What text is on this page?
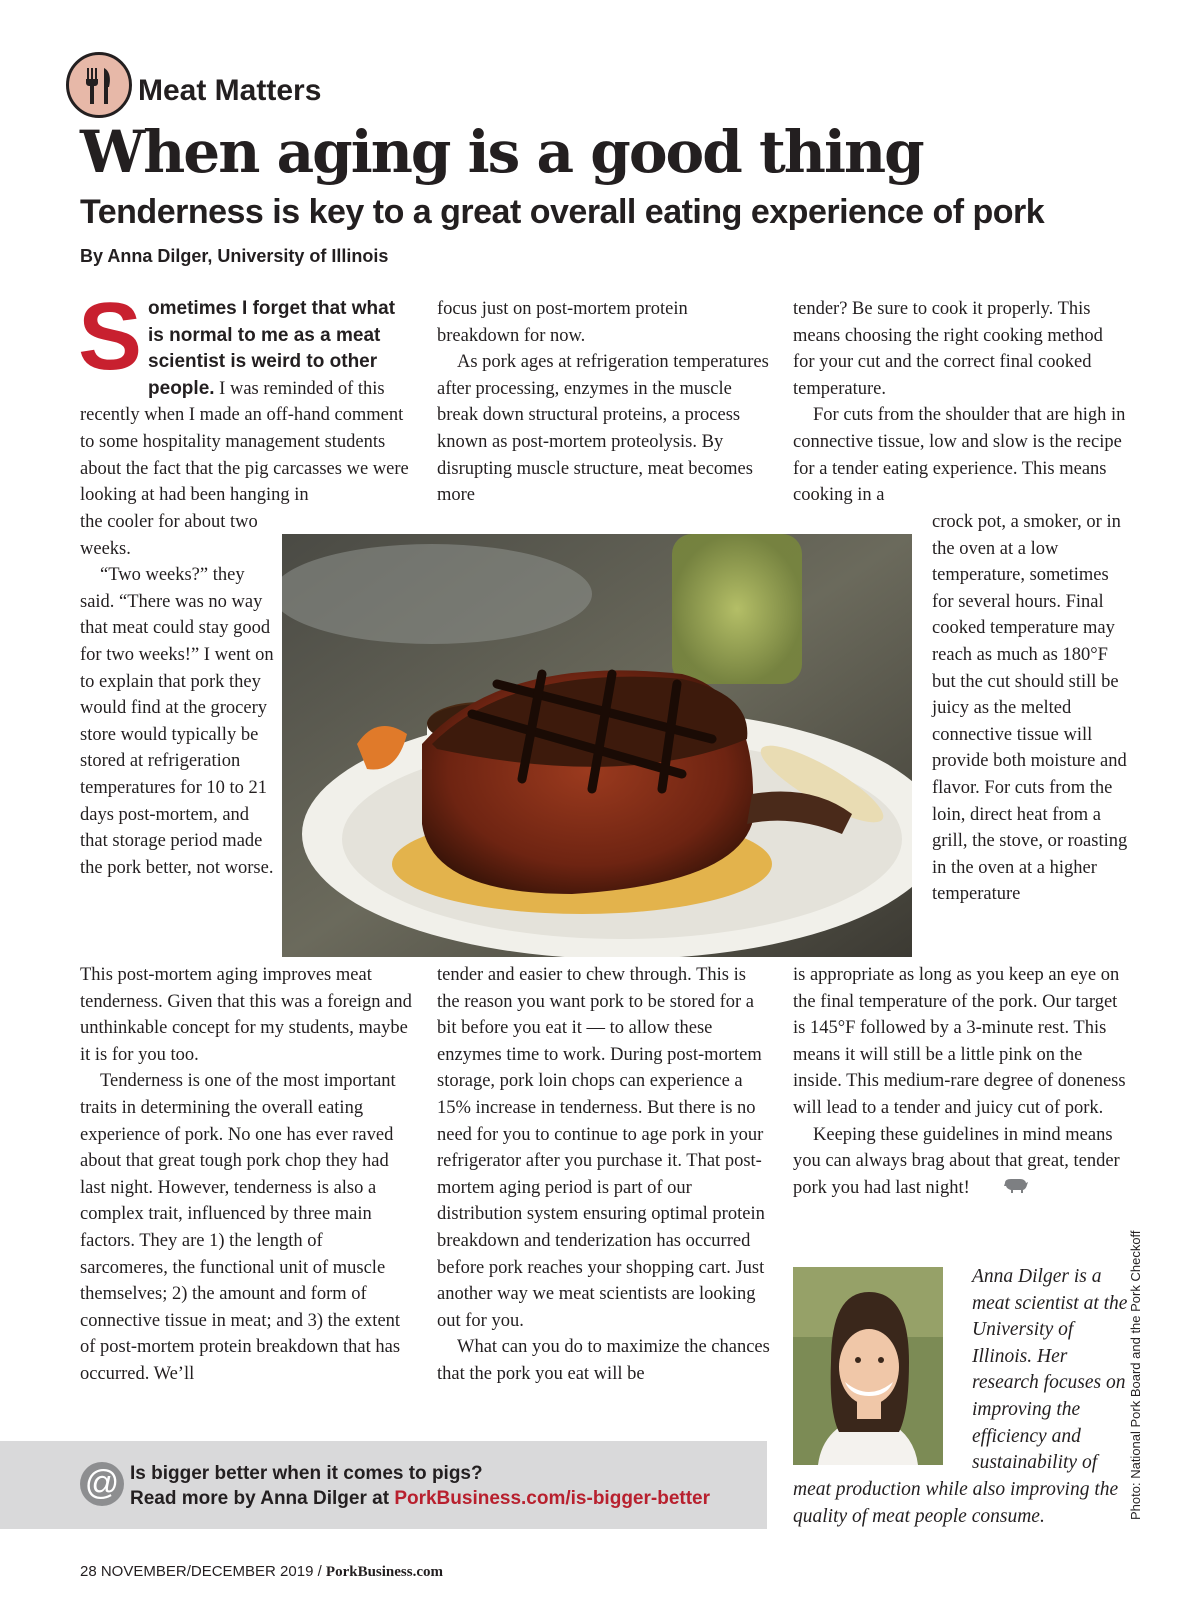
Meat Matters
When aging is a good thing
Tenderness is key to a great overall eating experience of pork
By Anna Dilger, University of Illinois

Sometimes I forget that what is normal to me as a meat scientist is weird to other people. I was reminded of this recently when I made an off-hand comment to some hospitality management students about the fact that the pig carcasses we were looking at had been hanging in

the cooler for about two weeks.

“Two weeks?” they said. “There was no way that meat could stay good for two weeks!” I went on to explain that pork they would find at the grocery store would typically be stored at refrigeration temperatures for 10 to 21 days post-mortem, and that storage period made the pork better, not worse.

This post-mortem aging improves meat tenderness. Given that this was a foreign and unthinkable concept for my students, maybe it is for you too.

Tenderness is one of the most important traits in determining the overall eating experience of pork. No one has ever raved about that great tough pork chop they had last night. However, tenderness is also a complex trait, influenced by three main factors. They are 1) the length of sarcomeres, the functional unit of muscle themselves; 2) the amount and form of connective tissue in meat; and 3) the extent of post-mortem protein breakdown that has occurred. We’ll

focus just on post-mortem protein breakdown for now.

As pork ages at refrigeration temperatures after processing, enzymes in the muscle break down structural proteins, a process known as post-mortem proteolysis. By disrupting muscle structure, meat becomes more

tender and easier to chew through. This is the reason you want pork to be stored for a bit before you eat it — to allow these enzymes time to work. During post-mortem storage, pork loin chops can experience a 15% increase in tenderness. But there is no need for you to continue to age pork in your refrigerator after you purchase it. That post-mortem aging period is part of our distribution system ensuring optimal protein breakdown and tenderization has occurred before pork reaches your shopping cart. Just another way we meat scientists are looking out for you.

What can you do to maximize the chances that the pork you eat will be

tender? Be sure to cook it properly. This means choosing the right cooking method for your cut and the correct final cooked temperature.

For cuts from the shoulder that are high in connective tissue, low and slow is the recipe for a tender eating experience. This means cooking in a

crock pot, a smoker, or in the oven at a low temperature, sometimes for several hours. Final cooked temperature may reach as much as 180°F but the cut should still be juicy as the melted connective tissue will provide both moisture and flavor. For cuts from the loin, direct heat from a grill, the stove, or roasting in the oven at a higher temperature

is appropriate as long as you keep an eye on the final temperature of the pork. Our target is 145°F followed by a 3-minute rest. This means it will still be a little pink on the inside. This medium-rare degree of doneness will lead to a tender and juicy cut of pork.

Keeping these guidelines in mind means you can always brag about that great, tender pork you had last night!

@ Is bigger better when it comes to pigs?
Read more by Anna Dilger at PorkBusiness.com/is-bigger-better
Anna Dilger is a meat scientist at the University of Illinois. Her research focuses on improving the efficiency and sustainability of
meat production while also improving the quality of meat people consume.	Photo: National Pork Board and the Pork Checkoff
28 NOVEMBER/DECEMBER 2019 / PorkBusiness.com
